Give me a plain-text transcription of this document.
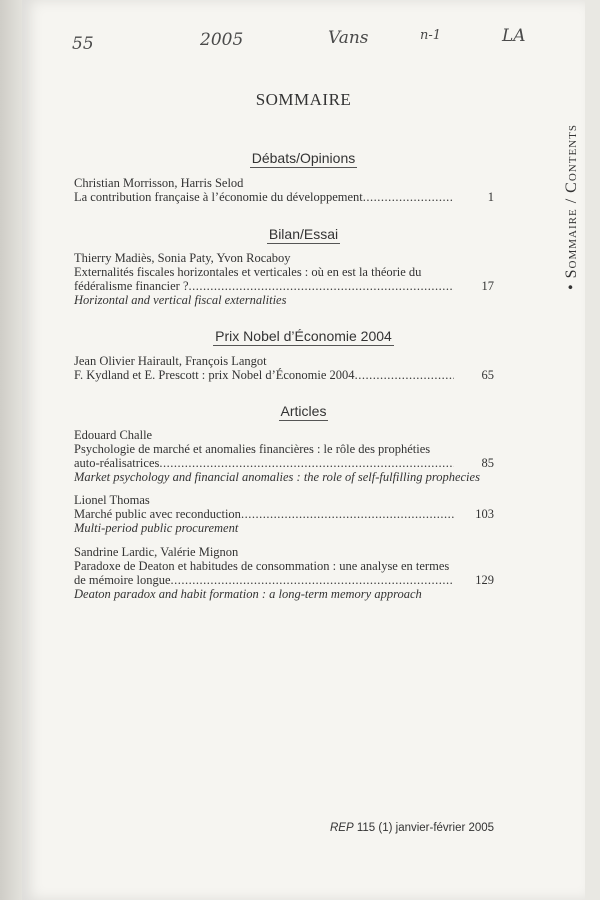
55	2005	Vans	n-1	LA
• Sommaire / Contents
SOMMAIRE
Débats/Opinions
Christian Morrisson, Harris Selod
La contribution française à l’économie du développement .....	1
Bilan/Essai
Thierry Madiès, Sonia Paty, Yvon Rocaboy
Externalités fiscales horizontales et verticales : où en est la théorie du
fédéralisme financier ? .....	17
Horizontal and vertical fiscal externalities
Prix Nobel d’Économie 2004
Jean Olivier Hairault, François Langot
F. Kydland et E. Prescott : prix Nobel d’Économie 2004 .....	65
Articles
Edouard Challe
Psychologie de marché et anomalies financières : le rôle des prophéties
auto-réalisatrices .....	85
Market psychology and financial anomalies : the role of self-fulfilling prophecies
Lionel Thomas
Marché public avec reconduction .....	103
Multi-period public procurement
Sandrine Lardic, Valérie Mignon
Paradoxe de Deaton et habitudes de consommation : une analyse en termes
de mémoire longue .....	129
Deaton paradox and habit formation : a long-term memory approach
REP 115 (1) janvier-février 2005
